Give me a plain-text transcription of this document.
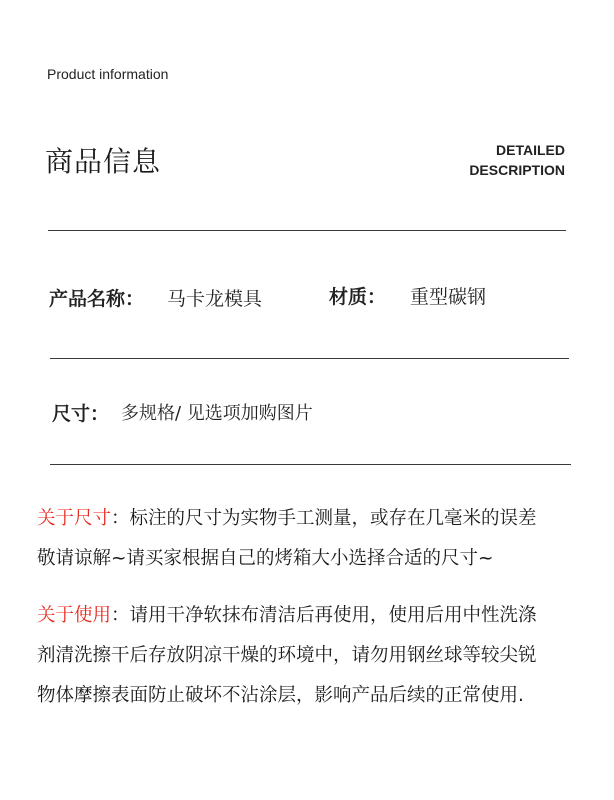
Product information
商品信息	DETAILED
DESCRIPTION
产品名称： 马卡龙模具	材质： 重型碳钢
尺寸： 多规格/ 见选项加购图片
关于尺寸：标注的尺寸为实物手工测量，或存在几毫米的误差
敬请谅解~请买家根据自己的烤箱大小选择合适的尺寸~
关于使用：请用干净软抹布清洁后再使用，使用后用中性洗涤
剂清洗擦干后存放阴凉干燥的环境中，请勿用钢丝球等较尖锐
物体摩擦表面防止破坏不沾涂层，影响产品后续的正常使用.
